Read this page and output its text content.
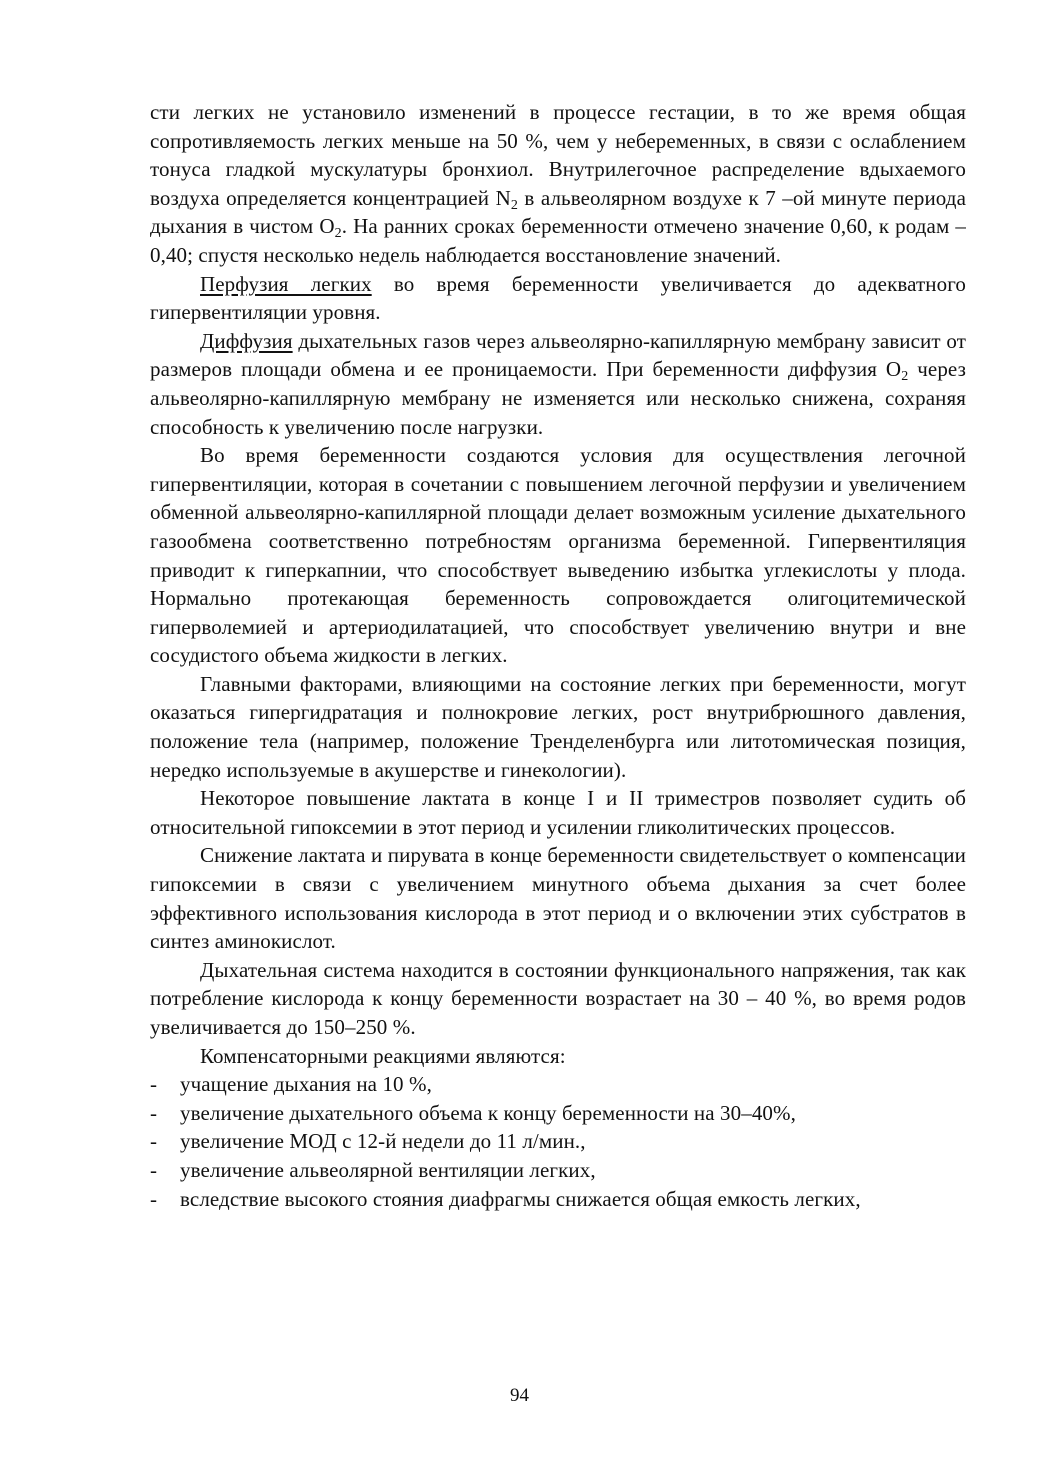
сти легких не установило изменений в процессе гестации, в то же время общая сопротивляемость легких меньше на 50 %, чем у небеременных, в связи с ослаблением тонуса гладкой мускулатуры бронхиол. Внутрилегочное распределение вдыхаемого воздуха определяется концентрацией $N_2$ в альвеолярном воздухе к 7 –ой минуте периода дыхания в чистом $O_2$. На ранних сроках беременности отмечено значение 0,60, к родам – 0,40; спустя несколько недель наблюдается восстановление значений.

Перфузия легких во время беременности увеличивается до адекватного гипервентиляции уровня.

Диффузия дыхательных газов через альвеолярно-капиллярную мембрану зависит от размеров площади обмена и ее проницаемости. При беременности диффузия $O_2$ через альвеолярно-капиллярную мембрану не изменяется или несколько снижена, сохраняя способность к увеличению после нагрузки.

Во время беременности создаются условия для осуществления легочной гипервентиляции, которая в сочетании с повышением легочной перфузии и увеличением обменной альвеолярно-капиллярной площади делает возможным усиление дыхательного газообмена соответственно потребностям организма беременной. Гипервентиляция приводит к гиперкапнии, что способствует выведению избытка углекислоты у плода. Нормально протекающая беременность сопровождается олигоцитемической гиперволемией и артериодилатацией, что способствует увеличению внутри и вне сосудистого объема жидкости в легких.

Главными факторами, влияющими на состояние легких при беременности, могут оказаться гипергидратация и полнокровие легких, рост внутрибрюшного давления, положение тела (например, положение Тренделенбурга или литотомическая позиция, нередко используемые в акушерстве и гинекологии).

Некоторое повышение лактата в конце I и II триместров позволяет судить об относительной гипоксемии в этот период и усилении гликолитических процессов.

Снижение лактата и пирувата в конце беременности свидетельствует о компенсации гипоксемии в связи с увеличением минутного объема дыхания за счет более эффективного использования кислорода в этот период и о включении этих субстратов в синтез аминокислот.

Дыхательная система находится в состоянии функционального напряжения, так как потребление кислорода к концу беременности возрастает на 30 – 40 %, во время родов увеличивается до 150–250 %.

Компенсаторными реакциями являются:

- учащение дыхания на 10 %,
- увеличение дыхательного объема к концу беременности на 30–40%,
- увеличение МОД с 12-й недели до 11 л/мин.,
- увеличение альвеолярной вентиляции легких,
- вследствие высокого стояния диафрагмы снижается общая емкость легких,
94
